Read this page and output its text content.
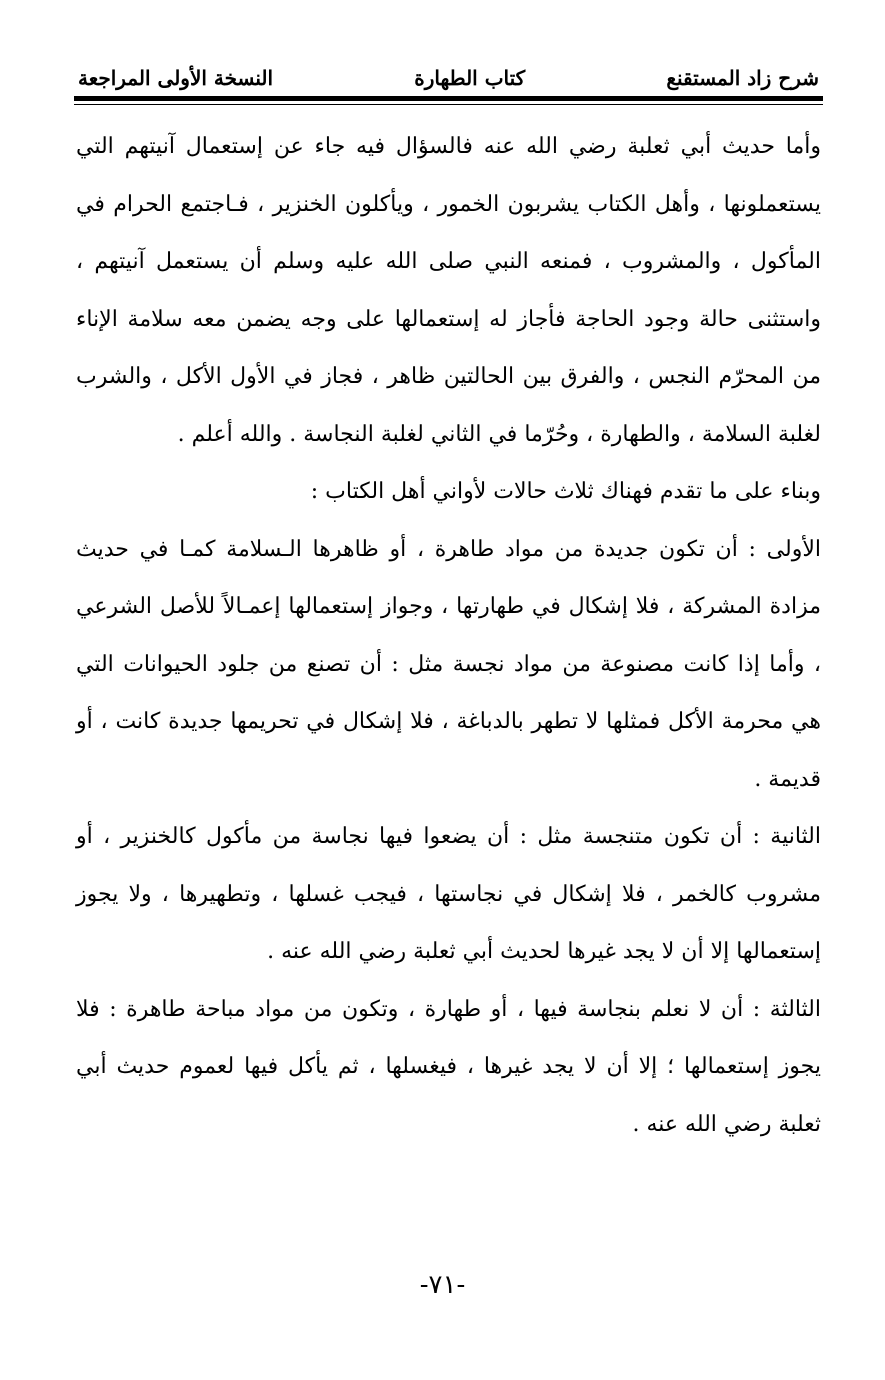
شرح زاد المستقنع
كتاب الطهارة
النسخة الأولى المراجعة

وأما حديث أبي ثعلبة رضي الله عنه فالسؤال فيه جاء عن إستعمال آنيتهم التي يستعملونها ، وأهل الكتاب يشربون الخمور ، ويأكلون الخنزير ، فـاجتمع الحرام في المأكول ، والمشروب ، فمنعه النبي صلى الله عليه وسلم أن يستعمل آنيتهم ، واستثنى حالة وجود الحاجة فأجاز له إستعمالها على وجه يضمن معه سلامة الإناء من المحرّم النجس ، والفرق بين الحالتين ظاهر ، فجاز في الأول الأكل ، والشرب لغلبة السلامة ، والطهارة ، وحُرّما في الثاني لغلبة النجاسة . والله أعلم .

وبناء على ما تقدم فهناك ثلاث حالات لأواني أهل الكتاب :

الأولى : أن تكون جديدة من مواد طاهرة ، أو ظاهرها الـسلامة كمـا في حديث مزادة المشركة ، فلا إشكال في طهارتها ، وجواز إستعمالها إعمـالاً للأصل الشرعي ، وأما إذا كانت مصنوعة من مواد نجسة مثل : أن تصنع من جلود الحيوانات التي هي محرمة الأكل فمثلها لا تطهر بالدباغة ، فلا إشكال في تحريمها جديدة كانت ، أو قديمة .

الثانية : أن تكون متنجسة مثل : أن يضعوا فيها نجاسة من مأكول كالخنزير ، أو مشروب كالخمر ، فلا إشكال في نجاستها ، فيجب غسلها ، وتطهيرها ، ولا يجوز إستعمالها إلا أن لا يجد غيرها لحديث أبي ثعلبة رضي الله عنه .

الثالثة : أن لا نعلم بنجاسة فيها ، أو طهارة ، وتكون من مواد مباحة طاهرة : فلا يجوز إستعمالها ؛ إلا أن لا يجد غيرها ، فيغسلها ، ثم يأكل فيها لعموم حديث أبي ثعلبة رضي الله عنه .

-٧١-
